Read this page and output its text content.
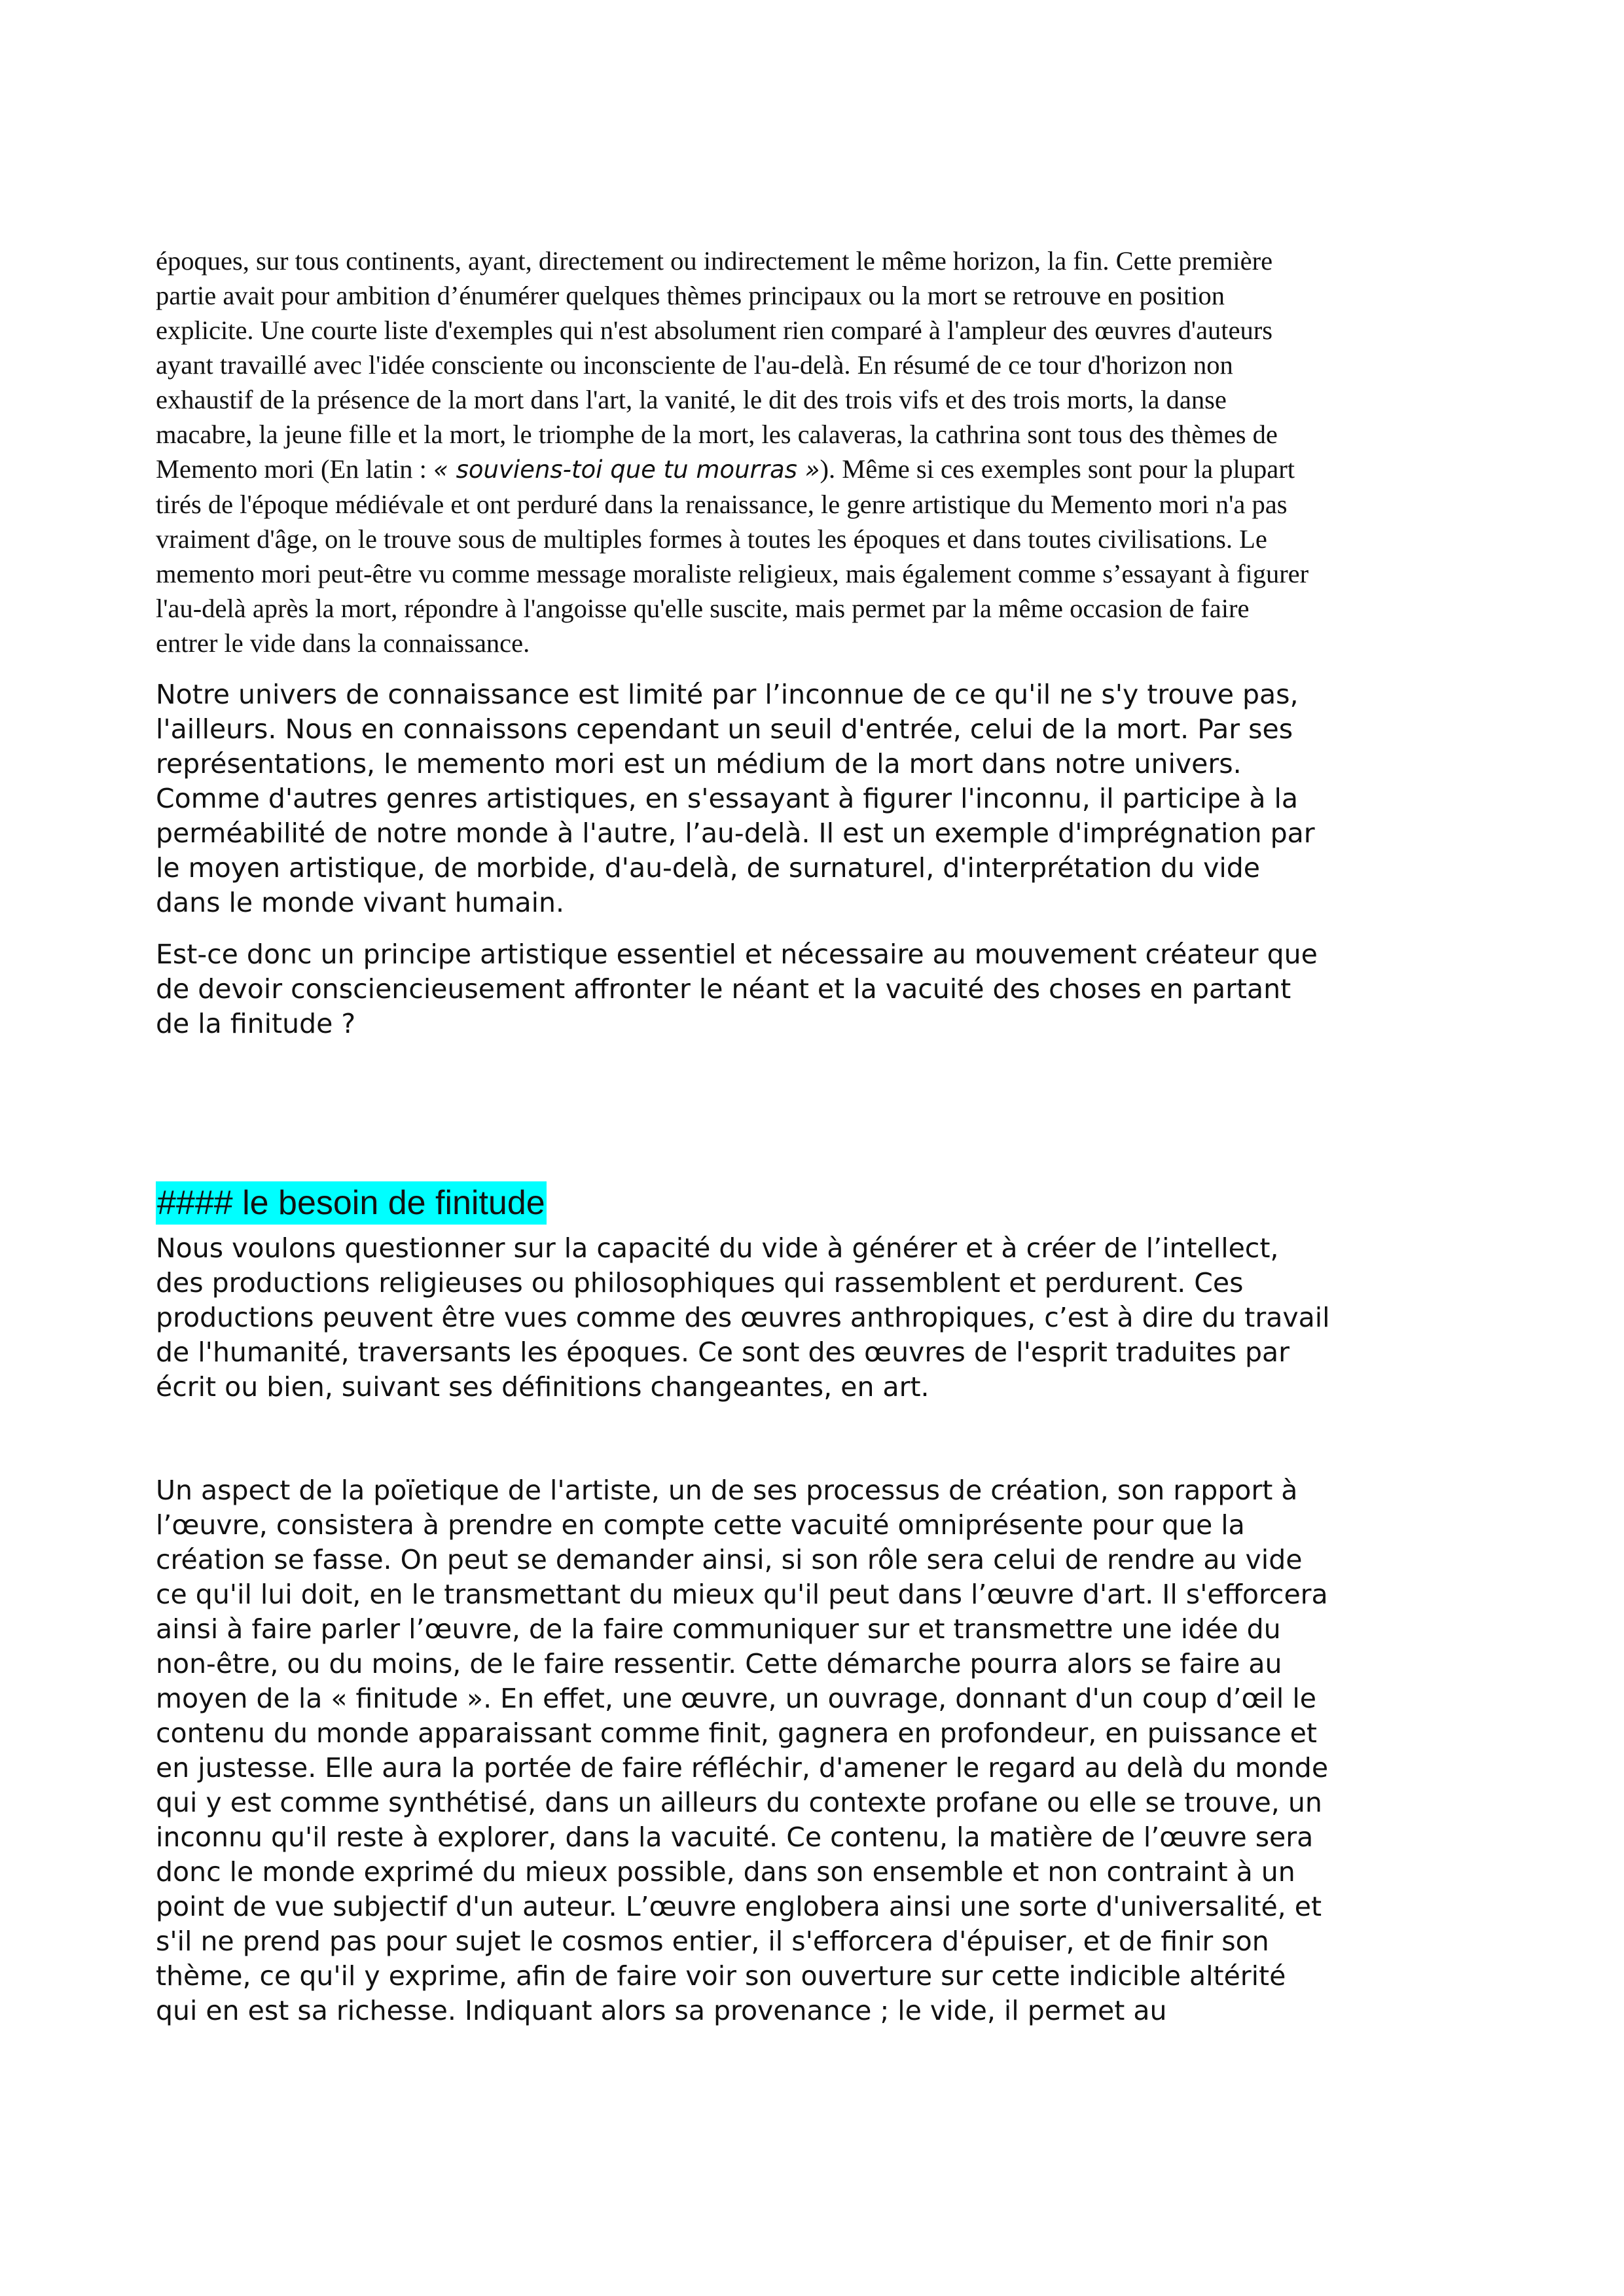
époques, sur tous continents, ayant, directement ou indirectement le même horizon, la fin. Cette première
partie avait pour ambition d’énumérer quelques thèmes principaux ou la mort se retrouve en position
explicite. Une courte liste d'exemples qui n'est absolument rien comparé à l'ampleur des œuvres d'auteurs
ayant travaillé avec l'idée consciente ou inconsciente de l'au-delà. En résumé de ce tour d'horizon non
exhaustif de la présence de la mort dans l'art, la vanité, le dit des trois vifs et des trois morts, la danse
macabre, la jeune fille et la mort, le triomphe de la mort, les calaveras, la cathrina sont tous des thèmes de
Memento mori (En latin : « souviens-toi que tu mourras »). Même si ces exemples sont pour la plupart
tirés de l'époque médiévale et ont perduré dans la renaissance, le genre artistique du Memento mori n'a pas
vraiment d'âge, on le trouve sous de multiples formes à toutes les époques et dans toutes civilisations. Le
memento mori peut-être vu comme message moraliste religieux, mais également comme s’essayant à figurer
l'au-delà après la mort, répondre à l'angoisse qu'elle suscite, mais permet par la même occasion de faire
entrer le vide dans la connaissance.
Notre univers de connaissance est limité par l’inconnue de ce qu'il ne s'y trouve pas,
l'ailleurs. Nous en connaissons cependant un seuil d'entrée, celui de la mort. Par ses
représentations, le memento mori est un médium de la mort dans notre univers.
Comme d'autres genres artistiques, en s'essayant à figurer l'inconnu, il participe à la
perméabilité de notre monde à l'autre, l’au-delà. Il est un exemple d'imprégnation par
le moyen artistique, de morbide, d'au-delà, de surnaturel, d'interprétation du vide
dans le monde vivant humain.
Est-ce donc un principe artistique essentiel et nécessaire au mouvement créateur que
de devoir consciencieusement affronter le néant et la vacuité des choses en partant
de la finitude ?
#### le besoin de finitude
Nous voulons questionner sur la capacité du vide à générer et à créer de l’intellect,
des productions religieuses ou philosophiques qui rassemblent et perdurent. Ces
productions peuvent être vues comme des œuvres anthropiques, c’est à dire du travail
de l'humanité, traversants les époques. Ce sont des œuvres de l'esprit traduites par
écrit ou bien, suivant ses définitions changeantes, en art.
Un aspect de la poïetique de l'artiste, un de ses processus de création, son rapport à
l’œuvre, consistera à prendre en compte cette vacuité omniprésente pour que la
création se fasse. On peut se demander ainsi, si son rôle sera celui de rendre au vide
ce qu'il lui doit, en le transmettant du mieux qu'il peut dans l’œuvre d'art. Il s'efforcera
ainsi à faire parler l’œuvre, de la faire communiquer sur et transmettre une idée du
non-être, ou du moins, de le faire ressentir. Cette démarche pourra alors se faire au
moyen de la « finitude ». En effet, une œuvre, un ouvrage, donnant d'un coup d’œil le
contenu du monde apparaissant comme finit, gagnera en profondeur, en puissance et
en justesse. Elle aura la portée de faire réfléchir, d'amener le regard au delà du monde
qui y est comme synthétisé, dans un ailleurs du contexte profane ou elle se trouve, un
inconnu qu'il reste à explorer, dans la vacuité. Ce contenu, la matière de l’œuvre sera
donc le monde exprimé du mieux possible, dans son ensemble et non contraint à un
point de vue subjectif d'un auteur. L’œuvre englobera ainsi une sorte d'universalité, et
s'il ne prend pas pour sujet le cosmos entier, il s'efforcera d'épuiser, et de finir son
thème, ce qu'il y exprime, afin de faire voir son ouverture sur cette indicible altérité
qui en est sa richesse. Indiquant alors sa provenance ; le vide, il permet au
